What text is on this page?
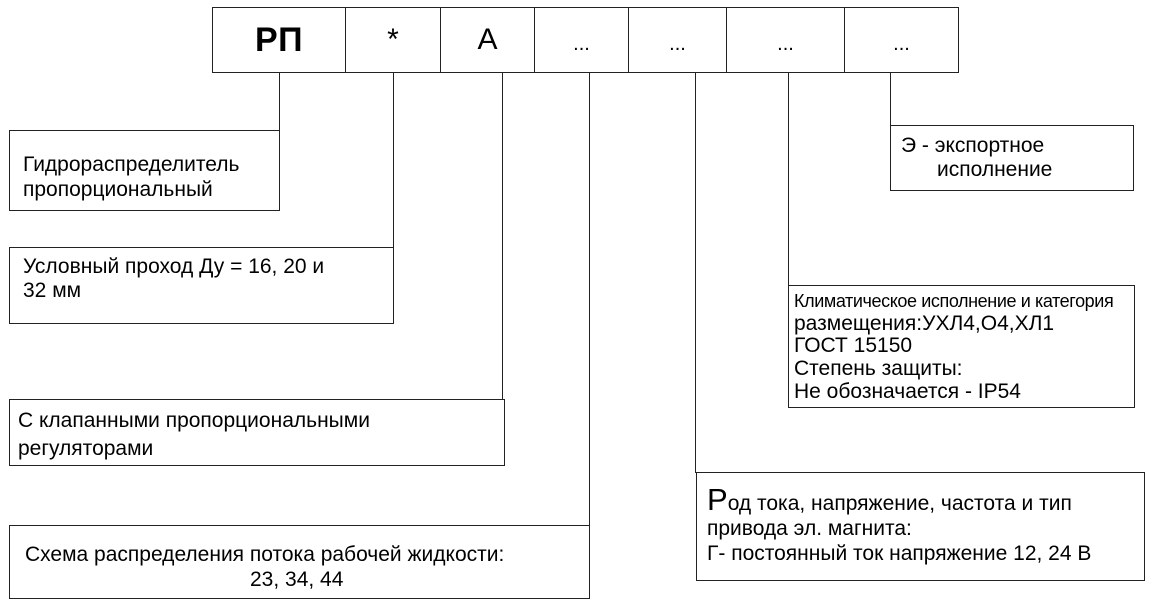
РП	*	А	...	...	...	...
Гидрораспределитель
пропорциональный
Условный проход Ду = 16, 20 и
32 мм
С клапанными пропорциональными
регуляторами
Схема распределения потока рабочей жидкости:
23, 34, 44
Род тока, напряжение, частота и тип
привода эл. магнита:
Г- постоянный ток напряжение 12, 24 В
Климатическое исполнение и категория
размещения:УХЛ4,О4,ХЛ1
ГОСТ 15150
Степень защиты:
Не обозначается - IP54
Э - экспортное
исполнение
